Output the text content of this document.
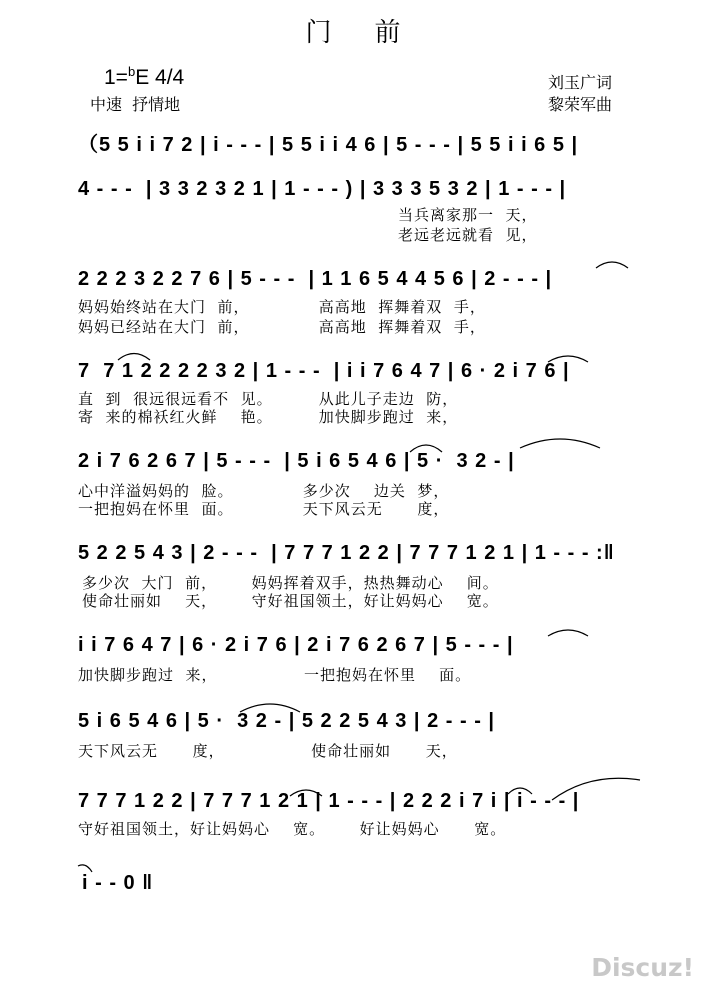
门    前
1=$^b$E 4/4
中速  抒情地
刘玉广词
黎荣军曲
（5 5 i i 7 2 | i - - - | 5 5 i i 4 6 | 5 - - - | 5 5 i i 6 5 |
4 - - -  | 3 3 2 3 2 1 | 1 - - - ) | 3 3 3 5 3 2 | 1 - - - |
当兵离家那一  天，
老远老远就看  见，
2 2 2 3 2 2 7 6 | 5 - - -  | 1 1 6 5 4 4 5 6 | 2 - - - |
妈妈始终站在大门  前，            高高地  挥舞着双  手，
妈妈已经站在大门  前，            高高地  挥舞着双  手，
7  7 1 2 2 2 2 3 2 | 1 - - -  | i i 7 6 4 7 | 6 · 2 i 7 6 |
直  到  很远很远看不  见。        从此儿子走边  防，
寄  来的棉袄红火鲜    艳。        加快脚步跑过  来，
2 i 7 6 2 6 7 | 5 - - -  | 5 i 6 5 4 6 | 5 ·  3 2 - |
心中洋溢妈妈的  脸。            多少次    边关  梦，
一把抱妈在怀里  面。            天下风云无      度，
5 2 2 5 4 3 | 2 - - -  | 7 7 7 1 2 2 | 7 7 7 1 2 1 | 1 - - - :‖
多少次  大门  前，      妈妈挥着双手，热热舞动心    间。
使命壮丽如    天，      守好祖国领土，好让妈妈心    宽。
i i 7 6 4 7 | 6 · 2 i 7 6 | 2 i 7 6 2 6 7 | 5 - - - |
加快脚步跑过  来，               一把抱妈在怀里    面。
5 i 6 5 4 6 | 5 ·  3 2 - | 5 2 2 5 4 3 | 2 - - - |
天下风云无      度，               使命壮丽如      天，
7 7 7 1 2 2 | 7 7 7 1 2 1 | 1 - - - | 2 2 2 i 7 i | i - - - |
守好祖国领土，好让妈妈心    宽。      好让妈妈心      宽。
i - - 0 ‖
Discuz!
